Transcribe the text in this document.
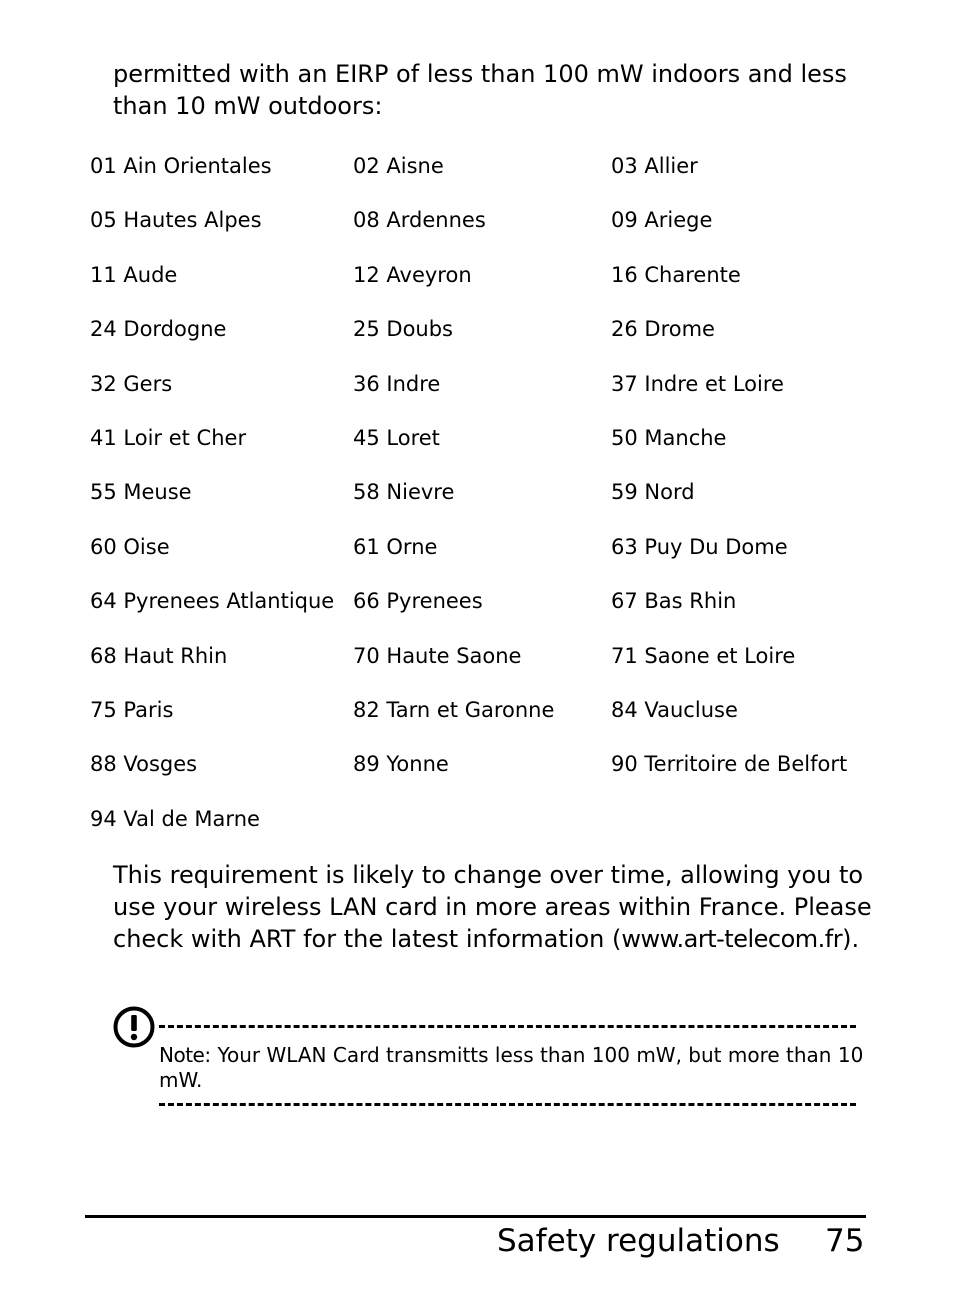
permitted with an EIRP of less than 100 mW indoors and less than 10 mW outdoors:

01 Ain Orientales	02 Aisne	03 Allier
05 Hautes Alpes	08 Ardennes	09 Ariege
11 Aude	12 Aveyron	16 Charente
24 Dordogne	25 Doubs	26 Drome
32 Gers	36 Indre	37 Indre et Loire
41 Loir et Cher	45 Loret	50 Manche
55 Meuse	58 Nievre	59 Nord
60 Oise	61 Orne	63 Puy Du Dome
64 Pyrenees Atlantique 66 Pyrenees	67 Bas Rhin
68 Haut Rhin	70 Haute Saone	71 Saone et Loire
75 Paris	82 Tarn et Garonne	84 Vaucluse
88 Vosges	89 Yonne	90 Territoire de Belfort
94 Val de Marne

This requirement is likely to change over time, allowing you to use your wireless LAN card in more areas within France. Please check with ART for the latest information (www.art-telecom.fr).

Note: Your WLAN Card transmitts less than 100 mW, but more than 10 mW.

Safety regulations 75
